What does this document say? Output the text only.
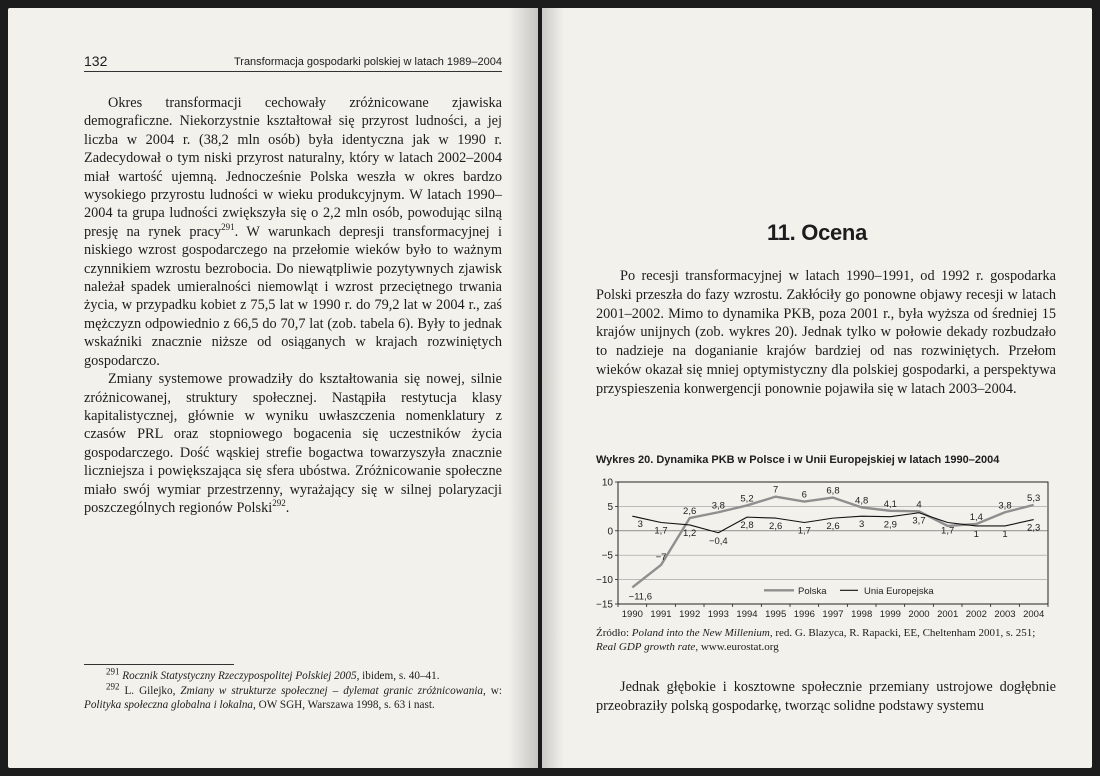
132	Transformacja gospodarki polskiej w latach 1989–2004

Okres transformacji cechowały zróżnicowane zjawiska demograficzne. Niekorzystnie kształtował się przyrost ludności, a jej liczba w 2004 r. (38,2 mln osób) była identyczna jak w 1990 r. Zadecydował o tym niski przyrost naturalny, który w latach 2002–2004 miał wartość ujemną. Jednocześnie Polska weszła w okres bardzo wysokiego przyrostu ludności w wieku produkcyjnym. W latach 1990–2004 ta grupa ludności zwiększyła się o 2,2 mln osób, powodując silną presję na rynek pracy$^{291}$. W warunkach depresji transformacyjnej i niskiego wzrost gospodarczego na przełomie wieków było to ważnym czynnikiem wzrostu bezrobocia. Do niewątpliwie pozytywnych zjawisk należał spadek umieralności niemowląt i wzrost przeciętnego trwania życia, w przypadku kobiet z 75,5 lat w 1990 r. do 79,2 lat w 2004 r., zaś mężczyzn odpowiednio z 66,5 do 70,7 lat (zob. tabela 6). Były to jednak wskaźniki znacznie niższe od osiąganych w krajach rozwiniętych gospodarczo.

Zmiany systemowe prowadziły do kształtowania się nowej, silnie zróżnicowanej, struktury społecznej. Nastąpiła restytucja klasy kapitalistycznej, głównie w wyniku uwłaszczenia nomenklatury z czasów PRL oraz stopniowego bogacenia się uczestników życia gospodarczego. Dość wąskiej strefie bogactwa towarzyszyła znacznie liczniejsza i powiększająca się sfera ubóstwa. Zróżnicowanie społeczne miało swój wymiar przestrzenny, wyrażający się w silnej polaryzacji poszczególnych regionów Polski$^{292}$.

$^{291}$ Rocznik Statystyczny Rzeczypospolitej Polskiej 2005, ibidem, s. 40–41.

$^{292}$ L. Gilejko, Zmiany w strukturze społecznej – dylemat granic zróżnicowania, w: Polityka społeczna globalna i lokalna, OW SGH, Warszawa 1998, s. 63 i nast.

11. Ocena

Po recesji transformacyjnej w latach 1990–1991, od 1992 r. gospodarka Polski przeszła do fazy wzrostu. Zakłóciły go ponowne objawy recesji w latach 2001–2002. Mimo to dynamika PKB, poza 2001 r., była wyższa od średniej 15 krajów unijnych (zob. wykres 20). Jednak tylko w połowie dekady rozbudzało to nadzieje na doganianie krajów bardziej od nas rozwiniętych. Przełom wieków okazał się mniej optymistyczny dla polskiej gospodarki, a perspektywa przyspieszenia konwergencji ponownie pojawiła się w latach 2003–2004.

Wykres 20. Dynamika PKB w Polsce i w Unii Europejskiej w latach 1990–2004
10
5
0
−5
−10
−15
1990 1991 1992 1993 1994 1995 1996 1997 1998 1999 2000 2001 2002 2003 2004
−11,6
−7
2,6
3,8
5,2
7 6 6,8
4,8 4,1 4
1,4
3,8
5,3
3
1,7 1,2
−0,4
2,8 2,6 1,7 2,6 3 2,9 3,7
1,7 1 1
2,3
Polska	Unia Europejska
Źródło: Poland into the New Millenium, red. G. Blazyca, R. Rapacki, EE, Cheltenham 2001, s. 251; Real GDP growth rate, www.eurostat.org

Jednak głębokie i kosztowne społecznie przemiany ustrojowe dogłębnie przeobraziły polską gospodarkę, tworząc solidne podstawy systemu
